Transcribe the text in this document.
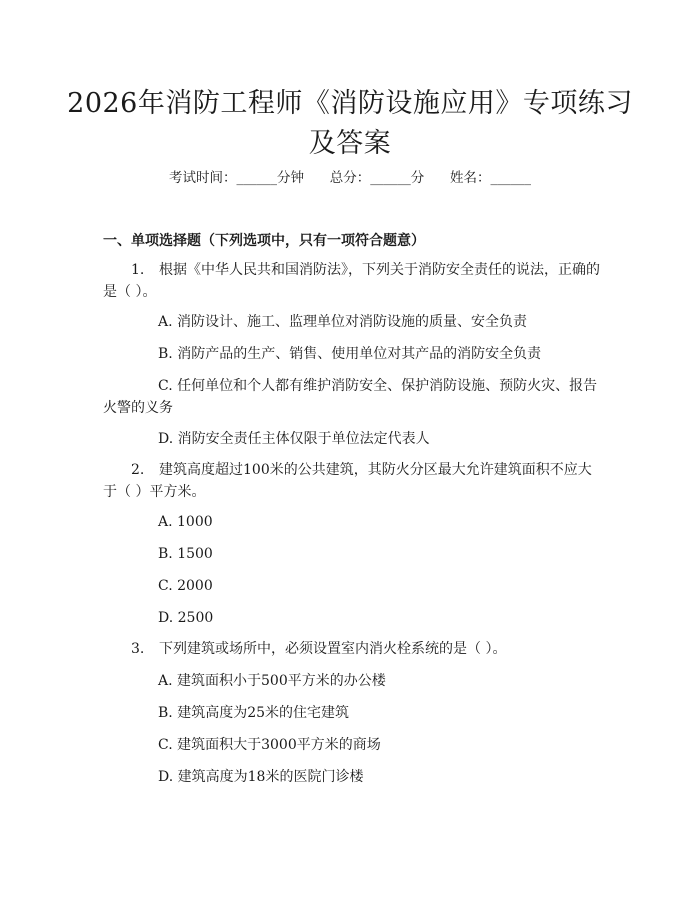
2026年消防工程师《消防设施应用》专项练习及答案
考试时间：______分钟      总分：______分      姓名：______
一、单项选择题（下列选项中，只有一项符合题意）
1. 根据《中华人民共和国消防法》，下列关于消防安全责任的说法，正确的是（ ）。
A. 消防设计、施工、监理单位对消防设施的质量、安全负责
B. 消防产品的生产、销售、使用单位对其产品的消防安全负责
C. 任何单位和个人都有维护消防安全、保护消防设施、预防火灾、报告火警的义务
D. 消防安全责任主体仅限于单位法定代表人
2. 建筑高度超过100米的公共建筑，其防火分区最大允许建筑面积不应大于（ ）平方米。
A. 1000
B. 1500
C. 2000
D. 2500
3. 下列建筑或场所中，必须设置室内消火栓系统的是（ ）。
A. 建筑面积小于500平方米的办公楼
B. 建筑高度为25米的住宅建筑
C. 建筑面积大于3000平方米的商场
D. 建筑高度为18米的医院门诊楼
